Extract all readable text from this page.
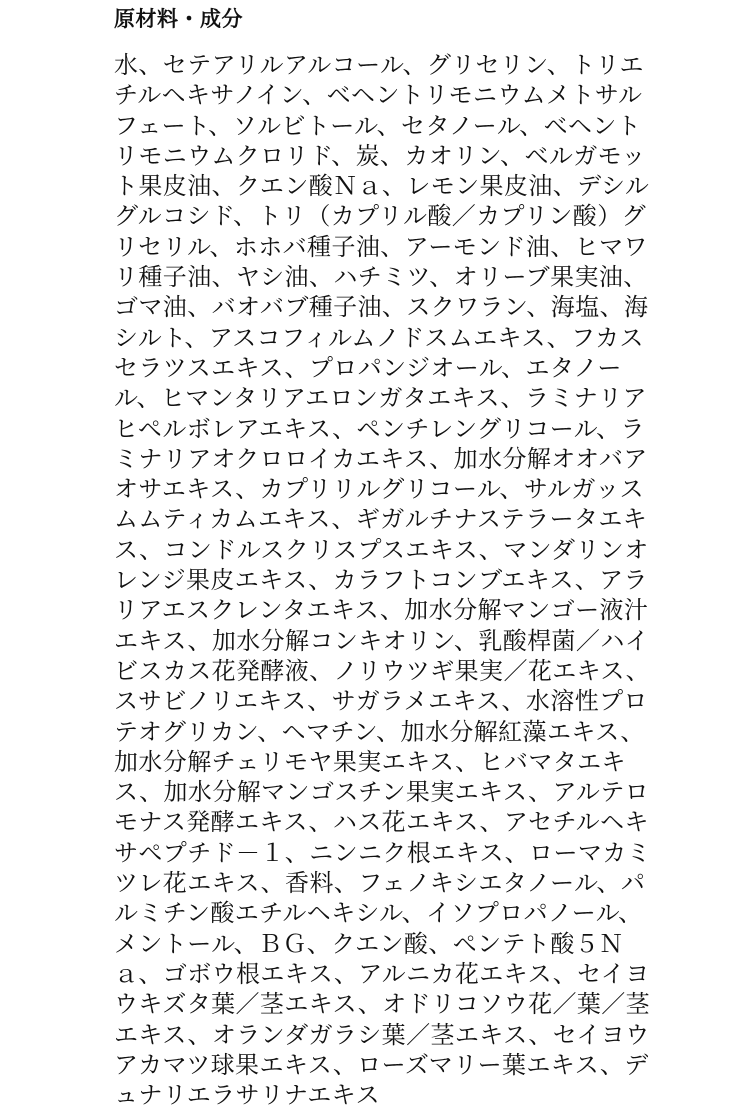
原材料・成分
水、セテアリルアルコール、グリセリン、トリエ
チルヘキサノイン、ベヘントリモニウムメトサル
フェート、ソルビトール、セタノール、ベヘント
リモニウムクロリド、炭、カオリン、ベルガモッ
ト果皮油、クエン酸Ｎａ、レモン果皮油、デシル
グルコシド、トリ（カプリル酸／カプリン酸）グ
リセリル、ホホバ種子油、アーモンド油、ヒマワ
リ種子油、ヤシ油、ハチミツ、オリーブ果実油、
ゴマ油、バオバブ種子油、スクワラン、海塩、海
シルト、アスコフィルムノドスムエキス、フカス
セラツスエキス、プロパンジオール、エタノー
ル、ヒマンタリアエロンガタエキス、ラミナリア
ヒペルボレアエキス、ペンチレングリコール、ラ
ミナリアオクロロイカエキス、加水分解オオバア
オサエキス、カプリリルグリコール、サルガッス
ムムティカムエキス、ギガルチナステラータエキ
ス、コンドルスクリスプスエキス、マンダリンオ
レンジ果皮エキス、カラフトコンブエキス、アラ
リアエスクレンタエキス、加水分解マンゴー液汁
エキス、加水分解コンキオリン、乳酸桿菌／ハイ
ビスカス花発酵液、ノリウツギ果実／花エキス、
スサビノリエキス、サガラメエキス、水溶性プロ
テオグリカン、ヘマチン、加水分解紅藻エキス、
加水分解チェリモヤ果実エキス、ヒバマタエキ
ス、加水分解マンゴスチン果実エキス、アルテロ
モナス発酵エキス、ハス花エキス、アセチルヘキ
サペプチド－１、ニンニク根エキス、ローマカミ
ツレ花エキス、香料、フェノキシエタノール、パ
ルミチン酸エチルヘキシル、イソプロパノール、
メントール、ＢＧ、クエン酸、ペンテト酸５Ｎ
ａ、ゴボウ根エキス、アルニカ花エキス、セイヨ
ウキズタ葉／茎エキス、オドリコソウ花／葉／茎
エキス、オランダガラシ葉／茎エキス、セイヨウ
アカマツ球果エキス、ローズマリー葉エキス、デ
ュナリエラサリナエキス
